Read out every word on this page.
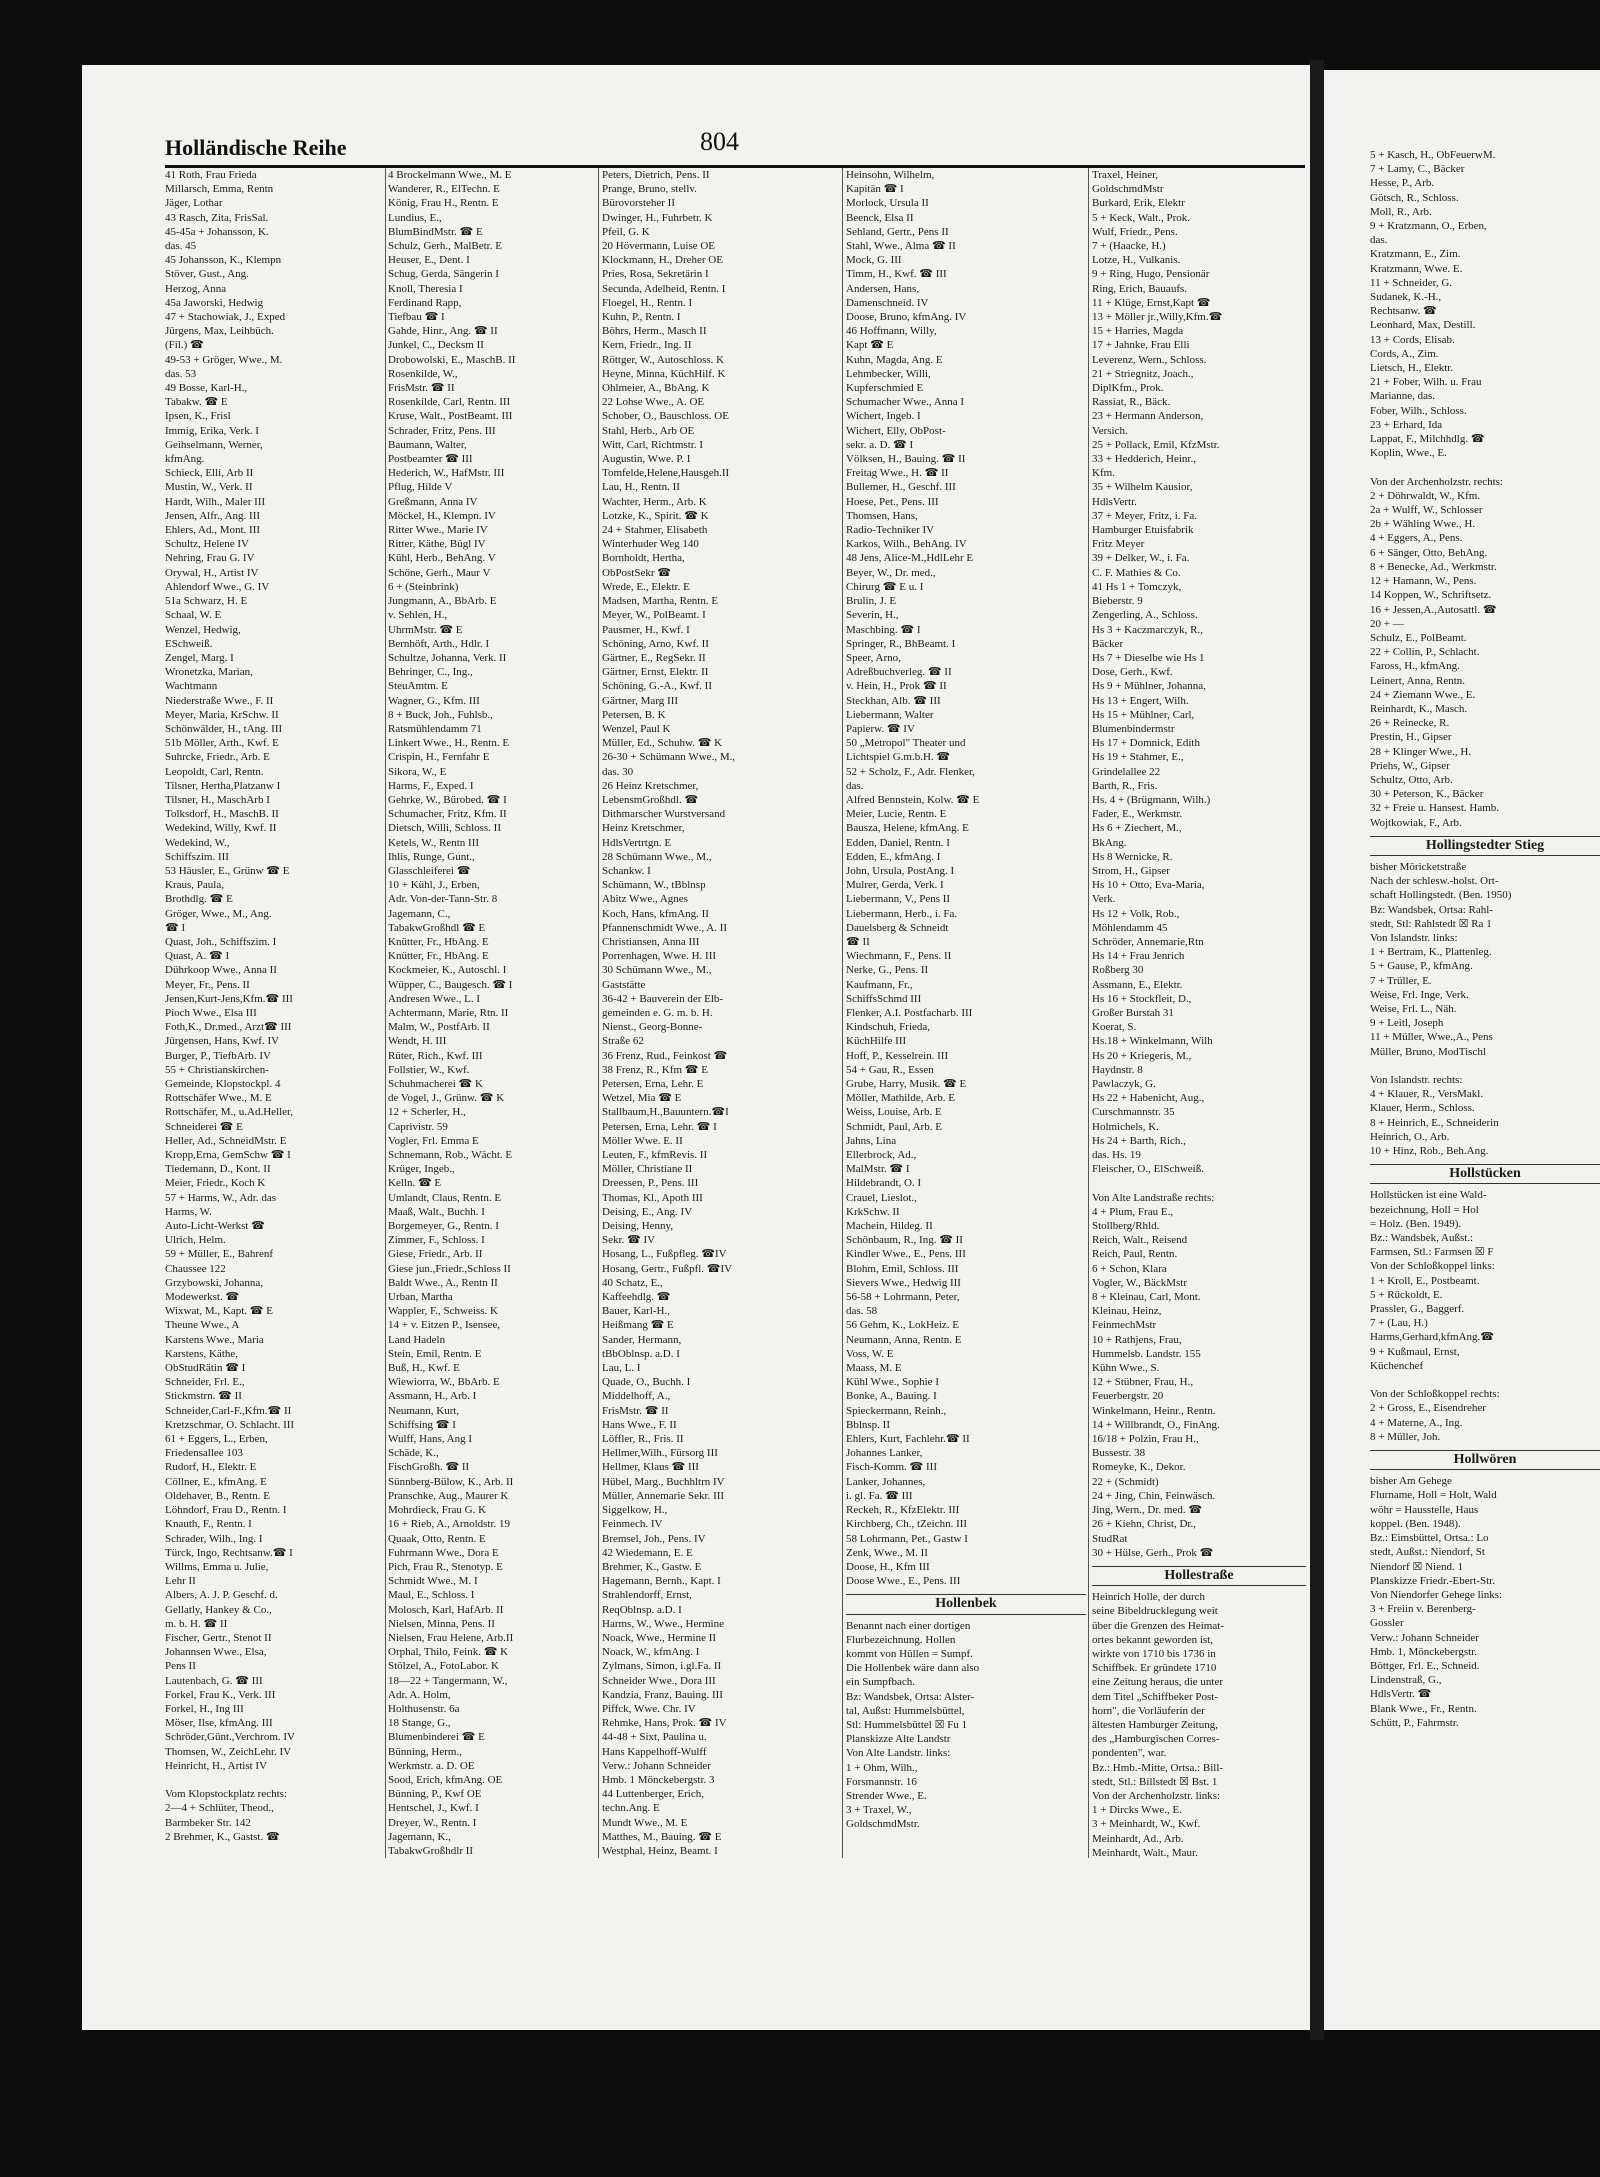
Holländische Reihe	804

41 Roth, Frau Frieda

Millarsch, Emma, Rentn

Jäger, Lothar

43 Rasch, Zita, FrisSal.

45-45a + Johansson, K.

das. 45

45 Johansson, K., Klempn

Stöver, Gust., Ang.

Herzog, Anna

45a Jaworski, Hedwig

47 + Stachowiak, J., Exped

Jürgens, Max, Leihbüch.

(Fil.) ☎

49-53 + Gröger, Wwe., M.

das. 53

49 Bosse, Karl-H.,

Tabakw. ☎ E

Ipsen, K., Frisl

Immig, Erika, Verk. I

Geihselmann, Werner,

kfmAng.

Schieck, Elli, Arb II

Mustin, W., Verk. II

Hardt, Wilh., Maler III

Jensen, Alfr., Ang. III

Ehlers, Ad., Mont. III

Schultz, Helene IV

Nehring, Frau G. IV

Orywal, H., Artist IV

Ahlendorf Wwe., G. IV

51a Schwarz, H. E

Schaal, W. E

Wenzel, Hedwig,

ESchweiß.

Zengel, Marg. I

Wronetzka, Marian,

Wachtmann

Niederstraße Wwe., F. II

Meyer, Maria, KrSchw. II

Schönwälder, H., tAng. III

51b Möller, Arth., Kwf. E

Suhrcke, Friedr., Arb. E

Leopoldt, Carl, Rentn.

Tilsner, Hertha,Platzanw I

Tilsner, H., MaschArb I

Tolksdorf, H., MaschB. II

Wedekind, Willy, Kwf. II

Wedekind, W.,

Schiffszim. III

53 Häusler, E., Grünw ☎ E

Kraus, Paula,

Brothdlg. ☎ E

Gröger, Wwe., M., Ang.

☎ I

Quast, Joh., Schiffszim. I

Quast, A. ☎ I

Dührkoop Wwe., Anna II

Meyer, Fr., Pens. II

Jensen,Kurt-Jens,Kfm.☎ III

Pioch Wwe., Elsa III

Foth,K., Dr.med., Arzt☎ III

Jürgensen, Hans, Kwf. IV

Burger, P., TiefbArb. IV

55 + Christianskirchen-

Gemeinde, Klopstockpl. 4

Rottschäfer Wwe., M. E

Rottschäfer, M., u.Ad.Heller,

Schneiderei ☎ E

Heller, Ad., SchneidMstr. E

Kropp,Erna, GemSchw ☎ I

Tiedemann, D., Kont. II

Meier, Friedr., Koch K

57 + Harms, W., Adr. das

Harms, W.

Auto-Licht-Werkst ☎

Ulrich, Helm.

59 + Müller, E., Bahrenf

Chaussee 122

Grzybowski, Johanna,

Modewerkst. ☎

Wixwat, M., Kapt. ☎ E

Theune Wwe., A

Karstens Wwe., Maria

Karstens, Käthe,

ObStudRätin ☎ I

Schneider, Frl. E.,

Stickmstrn. ☎ II

Schneider,Carl-F.,Kfm.☎ II

Kretzschmar, O. Schlacht. III

61 + Eggers, L., Erben,

Friedensallee 103

Rudorf, H., Elektr. E

Cöllner, E., kfmAng. E

Oldehaver, B., Rentn. E

Löhndorf, Frau D., Rentn. I

Knauth, F., Rentn. I

Schrader, Wilh., Ing. I

Türck, Ingo, Rechtsanw.☎ I

Willms, Emma u. Julie,

Lehr II

Albers, A. J. P. Geschf. d.

Gellatly, Hankey & Co.,

m. b. H. ☎ II

Fischer, Gertr., Stenot II

Johannsen Wwe., Elsa,

Pens II

Lautenbach, G. ☎ III

Forkel, Frau K., Verk. III

Forkel, H., Ing III

Möser, Ilse, kfmAng. III

Schröder,Günt.,Verchrom. IV

Thomsen, W., ZeichLehr. IV

Heinricht, H., Artist IV

Vom Klopstockplatz rechts:

2—4 + Schlüter, Theod.,

Barmbeker Str. 142

2 Brehmer, K., Gastst. ☎

4 Brockelmann Wwe., M. E

Wanderer, R., ElTechn. E

König, Frau H., Rentn. E

Lundius, E.,

BlumBindMstr. ☎ E

Schulz, Gerh., MalBetr. E

Heuser, E., Dent. I

Schug, Gerda, Sängerin I

Knoll, Theresia I

Ferdinand Rapp,

Tiefbau ☎ I

Gahde, Hinr., Ang. ☎ II

Junkel, C., Decksm II

Drobowolski, E., MaschB. II

Rosenkilde, W.,

FrisMstr. ☎ II

Rosenkilde, Carl, Rentn. III

Kruse, Walt., PostBeamt. III

Schrader, Fritz, Pens. III

Baumann, Walter,

Postbeamter ☎ III

Hederich, W., HafMstr. III

Pflug, Hilde V

Greßmann, Anna IV

Möckel, H., Klempn. IV

Ritter Wwe., Marie IV

Ritter, Käthe, Bügl IV

Kühl, Herb., BehAng. V

Schöne, Gerh., Maur V

6 + (Steinbrink)

Jungmann, A., BbArb. E

v. Sehlen, H.,

UhrmMstr. ☎ E

Bernhöft, Arth., Hdlr. I

Schultze, Johanna, Verk. II

Behringer, C., Ing.,

SteuAmtm. E

Wagner, G., Kfm. III

8 + Buck, Joh., Fuhlsb.,

Ratsmühlendamm 71

Linkert Wwe., H., Rentn. E

Crispin, H., Fernfahr E

Sikora, W., E

Harms, F., Exped. I

Gehrke, W., Bürobed. ☎ I

Schumacher, Fritz, Kfm. II

Dietsch, Willi, Schloss. II

Ketels, W., Rentn III

Ihlis, Runge, Gunt.,

Glasschleiferei ☎

10 + Kühl, J., Erben,

Adr. Von-der-Tann-Str. 8

Jagemann, C.,

TabakwGroßhdl ☎ E

Knütter, Fr., HbAng. E

Knütter, Fr., HbAng. E

Kockmeier, K., Autoschl. I

Wüpper, C., Baugesch. ☎ I

Andresen Wwe., L. I

Achtermann, Marie, Rtn. II

Malm, W., PostfArb. II

Wendt, H. III

Rüter, Rich., Kwf. III

Follstier, W., Kwf.

Schuhmacherei ☎ K

de Vogel, J., Grünw. ☎ K

12 + Scherler, H.,

Caprivistr. 59

Vogler, Frl. Emma E

Schnemann, Rob., Wächt. E

Krüger, Ingeb.,

Kelln. ☎ E

Umlandt, Claus, Rentn. E

Maaß, Walt., Buchh. I

Borgemeyer, G., Rentn. I

Zimmer, F., Schloss. I

Giese, Friedr., Arb. II

Giese jun.,Friedr.,Schloss II

Baldt Wwe., A., Rentn II

Urban, Martha

Wappler, F., Schweiss. K

14 + v. Eitzen P., Isensee,

Land Hadeln

Stein, Emil, Rentn. E

Buß, H., Kwf. E

Wiewiorra, W., BbArb. E

Assmann, H., Arb. I

Neumann, Kurt,

Schiffsing ☎ I

Wulff, Hans, Ang I

Schäde, K.,

FischGroßh. ☎ II

Sünnberg-Bülow, K., Arb. II

Pranschke, Aug., Maurer K

Mohrdieck, Frau G. K

16 + Rieb, A., Arnoldstr. 19

Quaak, Otto, Rentn. E

Fuhrmann Wwe., Dora E

Pich, Frau R., Stenotyp. E

Schmidt Wwe., M. I

Maul, E., Schloss. I

Molosch, Karl, HafArb. II

Nielsen, Minna, Pens. II

Nielsen, Frau Helene, Arb.II

Orphal, Thilo, Feink. ☎ K

Stölzel, A., FotoLabor. K

18—22 + Tangermann, W.,

Adr. A. Holm,

Holthusenstr. 6a

18 Stange, G.,

Blumenbinderei ☎ E

Bünning, Herm.,

Werkmstr. a. D. OE

Sood, Erich, kfmAng. OE

Bünning, P., Kwf OE

Hentschel, J., Kwf. I

Dreyer, W., Rentn. I

Jagemann, K.,

TabakwGroßhdlr II

Peters, Dietrich, Pens. II

Prange, Bruno, stellv.

Bürovorsteher II

Dwinger, H., Fuhrbetr. K

Pfeil, G. K

20 Hövermann, Luise OE

Klockmann, H., Dreher OE

Pries, Rosa, Sekretärin I

Secunda, Adelheid, Rentn. I

Floegel, H., Rentn. I

Kuhn, P., Rentn. I

Böhrs, Herm., Masch II

Kern, Friedr., Ing. II

Röttger, W., Autoschloss. K

Heyne, Minna, KüchHilf. K

Ohlmeier, A., BbAng. K

22 Lohse Wwe., A. OE

Schober, O., Bauschloss. OE

Stahl, Herb., Arb OE

Witt, Carl, Richtmstr. I

Augustin, Wwe. P. I

Tomfelde,Helene,Hausgeh.II

Lau, H., Rentn. II

Wachter, Herm., Arb. K

Lotzke, K., Spirit. ☎ K

24 + Stahmer, Elisabeth

Winterhuder Weg 140

Bornholdt, Hertha,

ObPostSekr ☎

Wrede, E., Elektr. E

Madsen, Martha, Rentn. E

Meyer, W., PolBeamt. I

Pausmer, H., Kwf. I

Schöning, Arno, Kwf. II

Gärtner, E., RegSekr. II

Gärtner, Ernst, Elektr. II

Schöning, G.-A., Kwf. II

Gärtner, Marg III

Petersen, B. K

Wenzel, Paul K

Müller, Ed., Schuhw. ☎ K

26-30 + Schümann Wwe., M.,

das. 30

26 Heinz Kretschmer,

LebensmGroßhdl. ☎

Dithmarscher Wurstversand

Heinz Kretschmer,

HdlsVertrtgn. E

28 Schümann Wwe., M.,

Schankw. I

Schümann, W., tBblnsp

Abitz Wwe., Agnes

Koch, Hans, kfmAng. II

Pfannenschmidt Wwe., A. II

Christiansen, Anna III

Porrenhagen, Wwe. H. III

30 Schümann Wwe., M.,

Gaststätte

36-42 + Bauverein der Elb-

gemeinden e. G. m. b. H.

Nienst., Georg-Bonne-

Straße 62

36 Frenz, Rud., Feinkost ☎

38 Frenz, R., Kfm ☎ E

Petersen, Erna, Lehr. E

Wetzel, Mia ☎ E

Stallbaum,H.,Bauuntern.☎I

Petersen, Erna, Lehr. ☎ I

Möller Wwe. E. II

Leuten, F., kfmRevis. II

Möller, Christiane II

Dreessen, P., Pens. III

Thomas, Kl., Apoth III

Deising, E., Ang. IV

Deising, Henny,

Sekr. ☎ IV

Hosang, L., Fußpfleg. ☎IV

Hosang, Gertr., Fußpfl. ☎IV

40 Schatz, E.,

Kaffeehdlg. ☎

Bauer, Karl-H.,

Heißmang ☎ E

Sander, Hermann,

tBbOblnsp. a.D. I

Lau, L. I

Quade, O., Buchh. I

Middelhoff, A.,

FrisMstr. ☎ II

Hans Wwe., F. II

Löffler, R., Fris. II

Hellmer,Wilh., Fürsorg III

Hellmer, Klaus ☎ III

Hübel, Marg., Buchhltrn IV

Müller, Annemarie Sekr. III

Siggelkow, H.,

Feinmech. IV

Bremsel, Joh., Pens. IV

42 Wiedemann, E. E

Brehmer, K., Gastw. E

Hagemann, Bernh., Kapt. I

Strahlendorff, Ernst,

ReqOblnsp. a.D. I

Harms, W., Wwe., Hermine

Noack, Wwe., Hermine II

Noack, W., kfmAng. I

Zylmans, Simon, i.gl.Fa. II

Schneider Wwe., Dora III

Kandzia, Franz, Bauing. III

Piffck, Wwe. Chr. IV

Rehmke, Hans, Prok. ☎ IV

44-48 + Sixt, Paulina u.

Hans Kappelhoff-Wulff

Verw.: Johann Schneider

Hmb. 1 Mönckebergstr. 3

44 Luttenberger, Erich,

techn.Ang. E

Mundt Wwe., M. E

Matthes, M., Bauing. ☎ E

Westphal, Heinz, Beamt. I

Heinsohn, Wilhelm,

Kapitän ☎ I

Morlock, Ursula II

Beenck, Elsa II

Sehland, Gertr., Pens II

Stahl, Wwe., Alma ☎ II

Mock, G. III

Timm, H., Kwf. ☎ III

Andersen, Hans,

Damenschneid. IV

Doose, Bruno, kfmAng. IV

46 Hoffmann, Willy,

Kapt ☎ E

Kuhn, Magda, Ang. E

Lehmbecker, Willi,

Kupferschmied E

Schumacher Wwe., Anna I

Wichert, Ingeb. I

Wichert, Elly, ObPost-

sekr. a. D. ☎ I

Völksen, H., Bauing. ☎ II

Freitag Wwe., H. ☎ II

Bullemer, H., Geschf. III

Hoese, Pet., Pens. III

Thomsen, Hans,

Radio-Techniker IV

Karkos, Wilh., BehAng. IV

48 Jens, Alice-M.,HdlLehr E

Beyer, W., Dr. med.,

Chirurg ☎ E u. I

Brulin, J. E

Severin, H.,

Maschbing. ☎ I

Springer, R., BhBeamt. I

Speer, Arno,

Adreßbuchverleg. ☎ II

v. Hein, H., Prok ☎ II

Steckhan, Alb. ☎ III

Liebermann, Walter

Papierw. ☎ IV

50 „Metropol" Theater und

Lichtspiel G.m.b.H. ☎

52 + Scholz, F., Adr. Flenker,

das.

Alfred Bennstein, Kolw. ☎ E

Meier, Lucie, Rentn. E

Bausza, Helene, kfmAng. E

Edden, Daniel, Rentn. I

Edden, E., kfmAng. I

John, Ursula, PostAng. I

Mulrer, Gerda, Verk. I

Liebermann, V., Pens II

Liebermann, Herb., i. Fa.

Dauelsberg & Schneidt

☎ II

Wiechmann, F., Pens. II

Nerke, G., Pens. II

Kaufmann, Fr.,

SchiffsSchmd III

Flenker, A.I. Postfacharb. III

Kindschuh, Frieda,

KüchHilfe III

Hoff, P., Kesselrein. III

54 + Gau, R., Essen

Grube, Harry, Musik. ☎ E

Möller, Mathilde, Arb. E

Weiss, Louise, Arb. E

Schmidt, Paul, Arb. E

Jahns, Lina

Ellerbrock, Ad.,

MalMstr. ☎ I

Hildebrandt, O. I

Crauel, Lieslot.,

KrkSchw. II

Machein, Hildeg. II

Schönbaum, R., Ing. ☎ II

Kindler Wwe., E., Pens. III

Blohm, Emil, Schloss. III

Sievers Wwe., Hedwig III

56-58 + Lohrmann, Peter,

das. 58

56 Gehm, K., LokHeiz. E

Neumann, Anna, Rentn. E

Voss, W. E

Maass, M. E

Kühl Wwe., Sophie I

Bonke, A., Bauing. I

Spieckermann, Reinh.,

Bblnsp. II

Ehlers, Kurt, Fachlehr.☎ II

Johannes Lanker,

Fisch-Komm. ☎ III

Lanker, Johannes,

i. gl. Fa. ☎ III

Reckeh, R., KfzElektr. III

Kirchberg, Ch., tZeichn. III

58 Lohrmann, Pet., Gastw I

Zenk, Wwe., M. II

Doose, H., Kfm III

Doose Wwe., E., Pens. III

Hollenbek

Benannt nach einer dortigen

Flurbezeichnung. Hollen

kommt von Hüllen = Sumpf.

Die Hollenbek wäre dann also

ein Sumpfbach.

Bz: Wandsbek, Ortsa: Alster-

tal, Außst: Hummelsbüttel,

Stl: Hummelsbüttel ☒ Fu 1

Planskizze Alte Landstr

Von Alte Landstr. links:

1 + Ohm, Wilh.,

Forsmannstr. 16

Strender Wwe., E.

3 + Traxel, W.,

GoldschmdMstr.

Traxel, Heiner,

GoldschmdMstr

Burkard, Erik, Elektr

5 + Keck, Walt., Prok.

Wulf, Friedr., Pens.

7 + (Haacke, H.)

Lotze, H., Vulkanis.

9 + Ring, Hugo, Pensionär

Ring, Erich, Bauaufs.

11 + Klüge, Ernst,Kapt ☎

13 + Möller jr.,Willy,Kfm.☎

15 + Harries, Magda

17 + Jahnke, Frau Elli

Leverenz, Wern., Schloss.

21 + Striegnitz, Joach.,

DiplKfm., Prok.

Rassiat, R., Bäck.

23 + Hermann Anderson,

Versich.

25 + Pollack, Emil, KfzMstr.

33 + Hedderich, Heinr.,

Kfm.

35 + Wilhelm Kausior,

HdlsVertr.

37 + Meyer, Fritz, i. Fa.

Hamburger Etuisfabrik

Fritz Meyer

39 + Delker, W., i. Fa.

C. F. Mathies & Co.

41 Hs 1 + Tomczyk,

Bieberstr. 9

Zengerling, A., Schloss.

Hs 3 + Kaczmarczyk, R.,

Bäcker

Hs 7 + Dieselbe wie Hs 1

Dose, Gerh., Kwf.

Hs 9 + Mühlner, Johanna,

Hs 13 + Engert, Wilh.

Hs 15 + Mühlner, Carl,

Blumenbindermstr

Hs 17 + Domnick, Edith

Hs 19 + Stahmer, E.,

Grindelallee 22

Barth, R., Fris.

Hs. 4 + (Brügmann, Wilh.)

Fader, E., Werkmstr.

Hs 6 + Ziechert, M.,

BkAng.

Hs 8 Wernicke, R.

Strom, H., Gipser

Hs 10 + Otto, Eva-Maria,

Verk.

Hs 12 + Volk, Rob.,

Möhlendamm 45

Schröder, Annemarie,Rtn

Hs 14 + Frau Jenrich

Roßberg 30

Assmann, E., Elektr.

Hs 16 + Stockfleit, D.,

Großer Burstah 31

Koerat, S.

Hs.18 + Winkelmann, Wilh

Hs 20 + Kriegeris, M.,

Haydnstr. 8

Pawlaczyk, G.

Hs 22 + Habenicht, Aug.,

Curschmannstr. 35

Holmichels, K.

Hs 24 + Barth, Rich.,

das. Hs. 19

Fleischer, O., ElSchweiß.

Von Alte Landstraße rechts:

4 + Plum, Frau E.,

Stollberg/Rhld.

Reich, Walt., Reisend

Reich, Paul, Rentn.

6 + Schon, Klara

Vogler, W., BäckMstr

8 + Kleinau, Carl, Mont.

Kleinau, Heinz,

FeinmechMstr

10 + Rathjens, Frau,

Hummelsb. Landstr. 155

Kühn Wwe., S.

12 + Stübner, Frau, H.,

Feuerbergstr. 20

Winkelmann, Heinr., Rentn.

14 + Willbrandt, O., FinAng.

16/18 + Polzin, Frau H.,

Bussestr. 38

Romeyke, K., Dekor.

22 + (Schmidt)

24 + Jing, Chin, Feinwäsch.

Jing, Wern., Dr. med. ☎

26 + Kiehn, Christ, Dr.,

StudRat

30 + Hülse, Gerh., Prok ☎

Hollestraße

Heinrich Holle, der durch

seine Bibeldrucklegung weit

über die Grenzen des Heimat-

ortes bekannt geworden ist,

wirkte von 1710 bis 1736 in

Schiffbek. Er gründete 1710

eine Zeitung heraus, die unter

dem Titel „Schiffbeker Post-

horn", die Vorläuferin der

ältesten Hamburger Zeitung,

des „Hamburgischen Corres-

pondenten", war.

Bz.: Hmb.-Mitte, Ortsa.: Bill-

stedt, Stl.: Billstedt ☒ Bst. 1

Von der Archenholzstr. links:

1 + Dircks Wwe., E.

3 + Meinhardt, W., Kwf.

Meinhardt, Ad., Arb.

Meinhardt, Walt., Maur.

5 + Kasch, H., ObFeuerwM.

7 + Lamy, C., Bäcker

Hesse, P., Arb.

Götsch, R., Schloss.

Moll, R., Arb.

9 + Kratzmann, O., Erben,

das.

Kratzmann, E., Zim.

Kratzmann, Wwe. E.

11 + Schneider, G.

Sudanek, K.-H.,

Rechtsanw. ☎

Leonhard, Max, Destill.

13 + Cords, Elisab.

Cords, A., Zim.

Lietsch, H., Elektr.

21 + Fober, Wilh. u. Frau

Marianne, das.

Fober, Wilh., Schloss.

23 + Erhard, Ida

Lappat, F., Milchhdlg. ☎

Koplin, Wwe., E.

Von der Archenholzstr. rechts:

2 + Döhrwaldt, W., Kfm.

2a + Wulff, W., Schlosser

2b + Wähling Wwe., H.

4 + Eggers, A., Pens.

6 + Sänger, Otto, BehAng.

8 + Benecke, Ad., Werkmstr.

12 + Hamann, W., Pens.

14 Koppen, W., Schriftsetz.

16 + Jessen,A.,Autosattl. ☎

20 + —

Schulz, E., PolBeamt.

22 + Collin, P., Schlacht.

Faross, H., kfmAng.

Leinert, Anna, Rentn.

24 + Ziemann Wwe., E.

Reinhardt, K., Masch.

26 + Reinecke, R.

Prestin, H., Gipser

28 + Klinger Wwe., H.

Priehs, W., Gipser

Schultz, Otto, Arb.

30 + Peterson, K., Bäcker

32 + Freie u. Hansest. Hamb.

Wojtkowiak, F., Arb.

Hollingstedter Stieg

bisher Möricketstraße

Nach der schlesw.-holst. Ort-

schaft Hollingstedt. (Ben. 1950)

Bz: Wandsbek, Ortsa: Rahl-

stedt, Stl: Rahlstedt ☒ Ra 1

Von Islandstr. links:

1 + Bertram, K., Plattenleg.

5 + Gause, P., kfmAng.

7 + Trüller, E.

Weise, Frl. Inge, Verk.

Weise, Frl. L., Näh.

9 + Leitl, Joseph

11 + Müller, Wwe.,A., Pens

Müller, Bruno, ModTischl

Von Islandstr. rechts:

4 + Klauer, R., VersMakl.

Klauer, Herm., Schloss.

8 + Heinrich, E., Schneiderin

Heinrich, O., Arb.

10 + Hinz, Rob., Beh.Ang.

Hollstücken

Hollstücken ist eine Wald-

bezeichnung, Holl = Hol

= Holz. (Ben. 1949).

Bz.: Wandsbek, Außst.:

Farmsen, Stl.: Farmsen ☒ F

Von der Schloßkoppel links:

1 + Kroll, E., Postbeamt.

5 + Rückoldt, E.

Prassler, G., Baggerf.

7 + (Lau, H.)

Harms,Gerhard,kfmAng.☎

9 + Kußmaul, Ernst,

Küchenchef

Von der Schloßkoppel rechts:

2 + Gross, E., Eisendreher

4 + Materne, A., Ing.

8 + Müller, Joh.

Hollwören

bisher Am Gehege

Flurname, Holl = Holt, Wald

wöhr = Hausstelle, Haus

koppel. (Ben. 1948).

Bz.: Eimsbüttel, Ortsa.: Lo

stedt, Außst.: Niendorf, St

Niendorf ☒ Niend. 1

Planskizze Friedr.-Ebert-Str.

Von Niendorfer Gehege links:

3 + Freiin v. Berenberg-

Gossler

Verw.: Johann Schneider

Hmb. 1, Mönckebergstr.

Böttger, Frl. E., Schneid.

Lindenstraß, G.,

HdlsVertr. ☎

Blank Wwe., Fr., Rentn.

Schütt, P., Fahrmstr.
